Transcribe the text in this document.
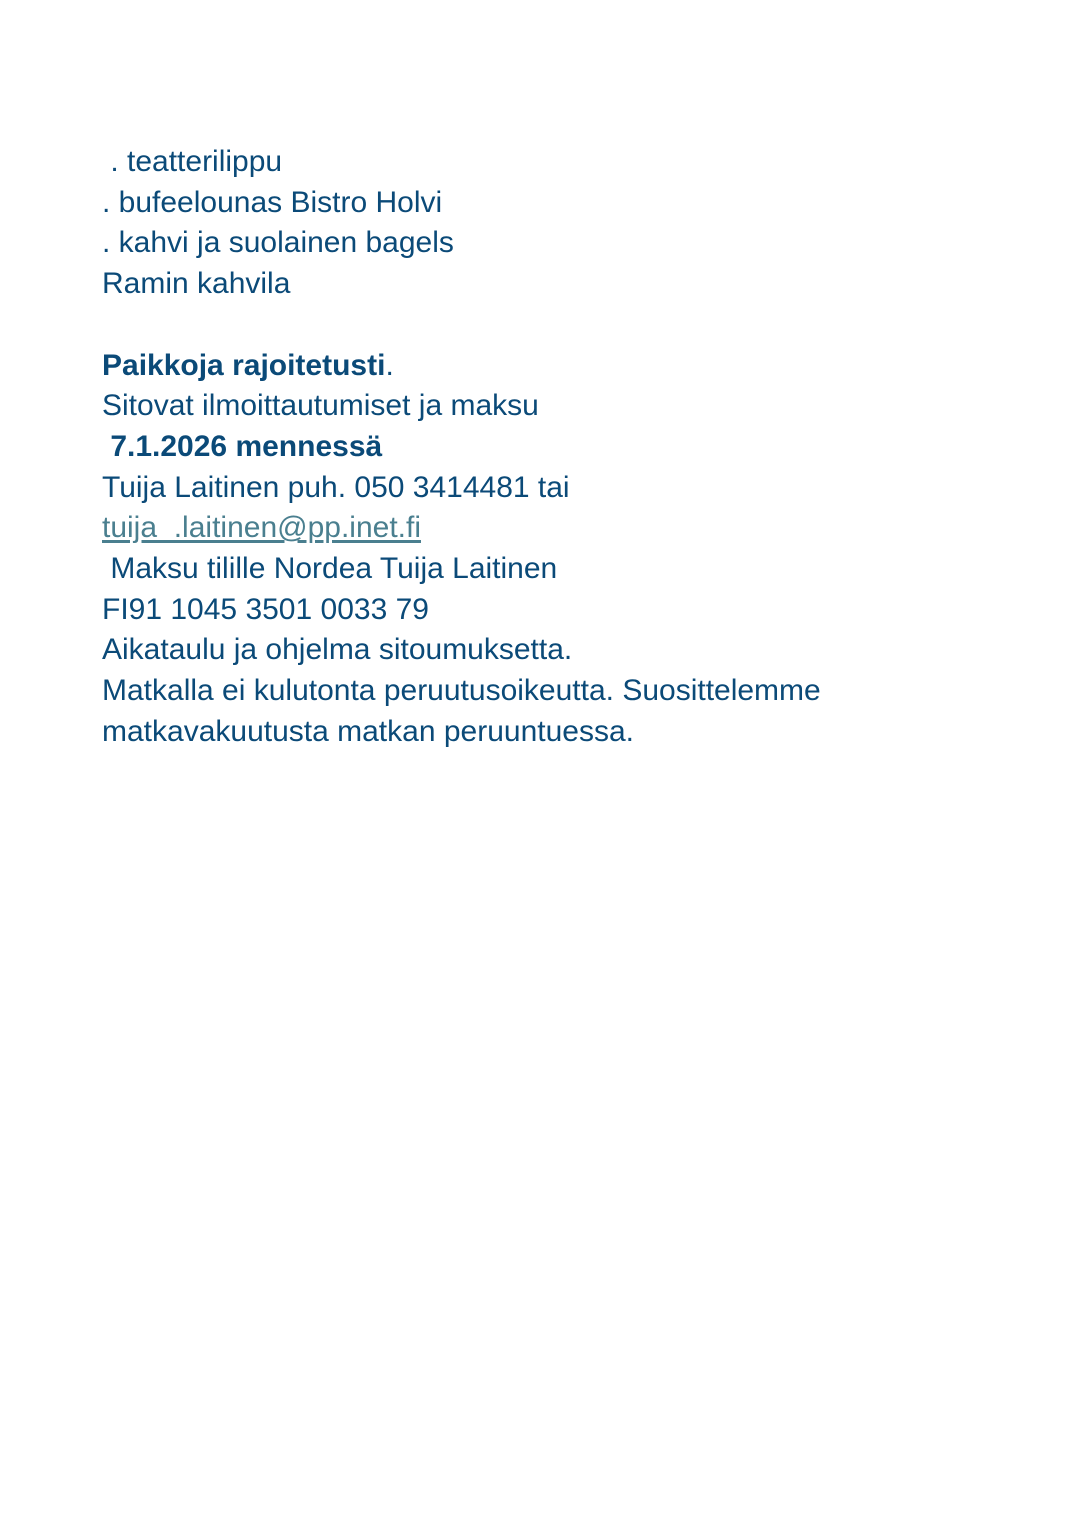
. teatterilippu
. bufeelounas Bistro Holvi
. kahvi ja suolainen bagels
Ramin kahvila
Paikkoja rajoitetusti.
Sitovat ilmoittautumiset ja maksu
7.1.2026 mennessä
Tuija Laitinen puh. 050 3414481 tai
tuija_.laitinen@pp.inet.fi
Maksu tilille Nordea Tuija Laitinen
FI91 1045 3501 0033 79
Aikataulu ja ohjelma sitoumuksetta.
Matkalla ei kulutonta peruutusoikeutta. Suosittelemme
matkavakuutusta matkan peruuntuessa.
